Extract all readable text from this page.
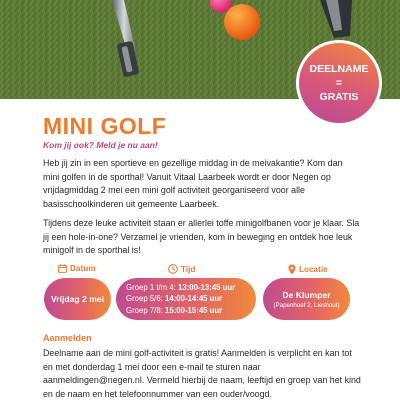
DEELNAME
=
GRATIS
MINI GOLF
Kom jij ook? Meld je nu aan!

Heb jij zin in een sportieve en gezellige middag in de meivakantie? Kom dan mini golfen in de sporthal! Vanuit Vitaal Laarbeek wordt er door Negen op vrijdagmiddag 2 mei een mini golf activiteit georganiseerd voor alle basisschoolkinderen uit gemeente Laarbeek.

Tijdens deze leuke activiteit staan er allerlei toffe minigolfbanen voor je klaar. Sla jij een hole-in-one? Verzamel je vrienden, kom in beweging en ontdek hoe leuk minigolf in de sporthal is!

Datum	Tijd	Locatie
Vrijdag 2 mei
Groep 1 t/m 4: 13:00-13:45 uur
Groep 5/6: 14:00-14:45 uur
Groep 7/8: 15:00-15:45 uur
De Klumper
(Papenhoef 2, Lieshout)
Aanmelden

Deelname aan de mini golf-activiteit is gratis! Aanmelden is verplicht en kan tot en met donderdag 1 mei door een e-mail te sturen naar aanmeldingen@negen.nl. Vermeld hierbij de naam, leeftijd en groep van het kind en de naam en het telefoonnummer van een ouder/voogd.
